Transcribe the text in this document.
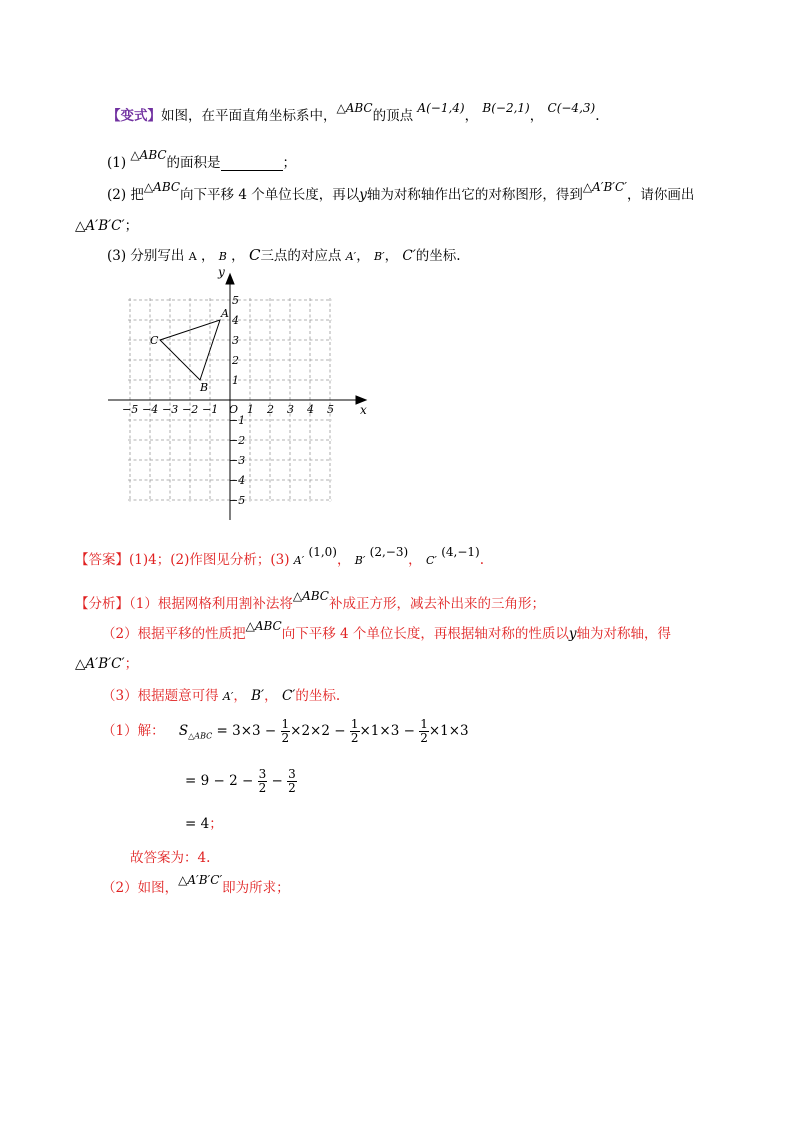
【变式】如图，在平面直角坐标系中，△ABC的顶点 A(−1,4)， B(−2,1)， C(−4,3).
(1) △ABC的面积是	；
(2) 把△ABC向下平移 4 个单位长度，再以y轴为对称轴作出它的对称图形，得到△A′B′C′，请你画出
△A′B′C′；
(3) 分别写出 A ， B ， C三点的对应点 A′， B′， C′的坐标.
−5 −4 −3 −2 −1	1 2 3 4 5
5
4
3
2
1
−1
−2
−3
−4
−5
x
y
O
A
B
C
【答案】(1)4；(2)作图见分析；(3) A′ (1,0)， B′ (2,−3)， C′ (4,−1).
【分析】（1）根据网格利用割补法将△ABC补成正方形，减去补出来的三角形；
（2）根据平移的性质把△ABC向下平移 4 个单位长度，再根据轴对称的性质以y轴为对称轴，得
△A′B′C′；
（3）根据题意可得 A′， B′， C′的坐标.
（1）解： $S_{\triangle ABC} = 3\times 3 - \frac{1}{2} \times 2\times 2 - \frac{1}{2} \times 1\times 3 - \frac{1}{2} \times 1\times 3$
= $9 - 2 - \frac{3}{2} - \frac{3}{2}$
= 4；
故答案为：4.
（2）如图，△A′B′C′即为所求；
